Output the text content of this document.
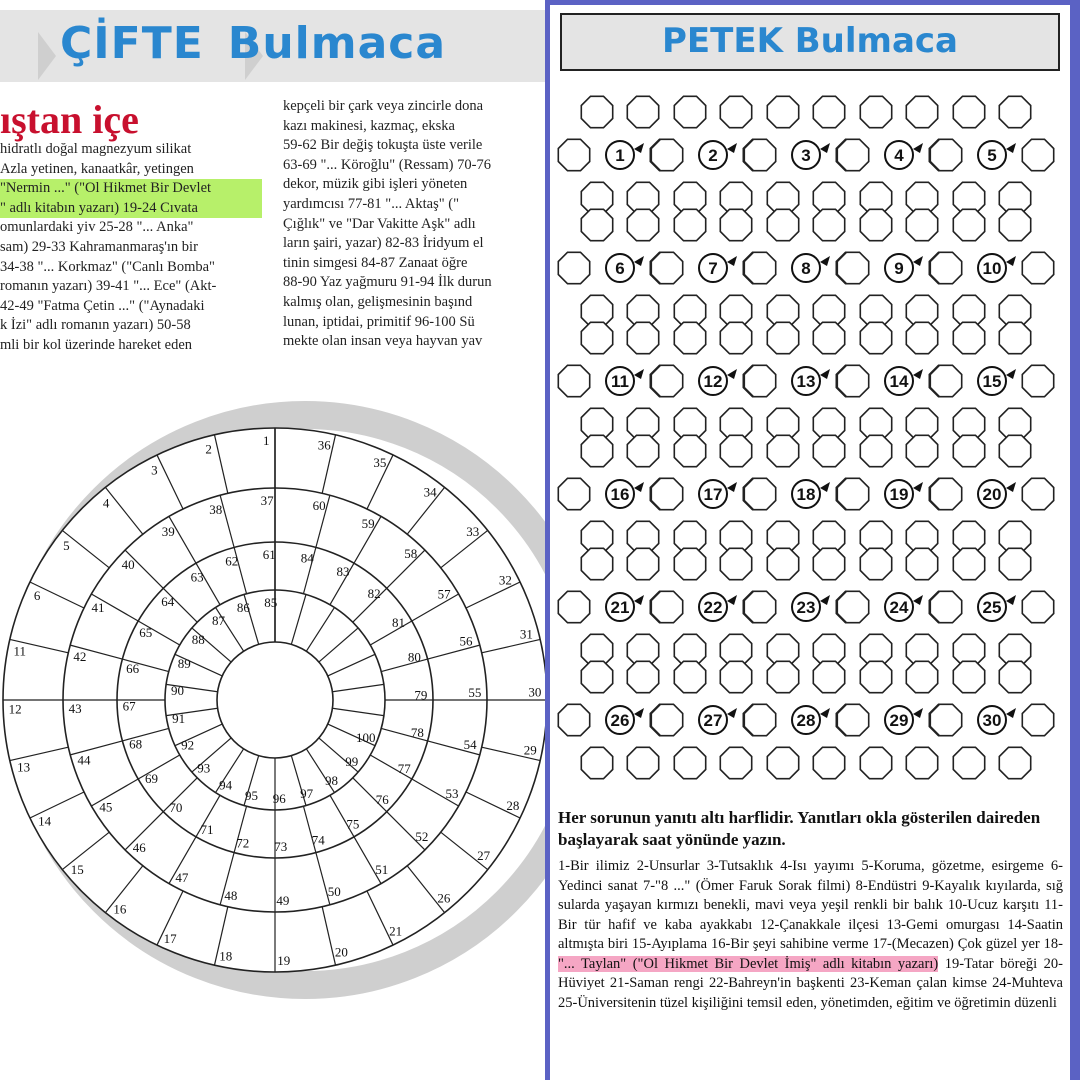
ÇİFTE Bulmaca
ıştan içe
hidratlı doğal magnezyum silikat
Azla yetinen, kanaatkâr, yetingen
"Nermin ..." ("Ol Hikmet Bir Devlet
" adlı kitabın yazarı) 19-24 Cıvata
omunlardaki yiv 25-28 "... Anka"
sam) 29-33 Kahramanmaraş'ın bir
34-38 "... Korkmaz" ("Canlı Bomba"
romanın yazarı) 39-41 "... Ece" (Akt-
42-49 "Fatma Çetin ..." ("Aynadaki
k İzi" adlı romanın yazarı) 50-58
mli bir kol üzerinde hareket eden
kepçeli bir çark veya zincirle dona
kazı makinesi, kazmaç, ekska
59-62 Bir değiş tokuşta üste verile
63-69 "... Köroğlu" (Ressam) 70-76
dekor, müzik gibi işleri yöneten
yardımcısı 77-81 "... Aktaş" ("
Çığlık" ve "Dar Vakitte Aşk" adlı
ların şairi, yazar) 82-83 İridyum el
tinin simgesi 84-87 Zanaat öğre
88-90 Yaz yağmuru 91-94 İlk durun
kalmış olan, gelişmesinin başınd
lunan, iptidai, primitif 96-100 Sü
mekte olan insan veya hayvan yav
1
2
3
4
5
6
11
12
13
14
15
16
17
18	19
20
21
26
27
28
29
30
31
32
33
34
35
36
37
38
39
40
41
42
43
44
45
46
47
48	49
50
51
52
53
54
55
56
57
58
59
60
61
62
63
64
65
66
67
68
69
70
71
72 73 74
75
76
77
78
79
80
81
82
83
84
85
86
87
88
89
90
91
92
93
94
95 96 97
98
99
100
PETEK Bulmaca
1	2	3	4	5
6	7	8	9	10
11	12	13	14	15
16	17	18	19	20
21	22	23	24	25
26	27	28	29	30
Her sorunun yanıtı altı harflidir. Yanıtları okla gösterilen daireden başlayarak saat yönünde yazın.
1-Bir ilimiz 2-Unsurlar 3-Tutsaklık 4-Isı yayımı 5-Koruma, gözetme, esirgeme 6-Yedinci sanat 7-"8 ..." (Ömer Faruk Sorak filmi) 8-Endüstri 9-Kayalık kıyılarda, sığ sularda yaşayan kırmızı benekli, mavi veya yeşil renkli bir balık 10-Ucuz karşıtı 11-Bir tür hafif ve kaba ayakkabı 12-Çanakkale ilçesi 13-Gemi omurgası 14-Saatin altmışta biri 15-Ayıplama 16-Bir şeyi sahibine verme 17-(Mecazen) Çok güzel yer 18-"... Taylan" ("Ol Hikmet Bir Devlet İmiş" adlı kitabın yazarı) 19-Tatar böreği 20-Hüviyet 21-Saman rengi 22-Bahreyn'in başkenti 23-Keman çalan kimse 24-Muhteva 25-Üniversitenin tüzel kişiliğini temsil eden, yönetimden, eğitim ve öğretimin düzenli
